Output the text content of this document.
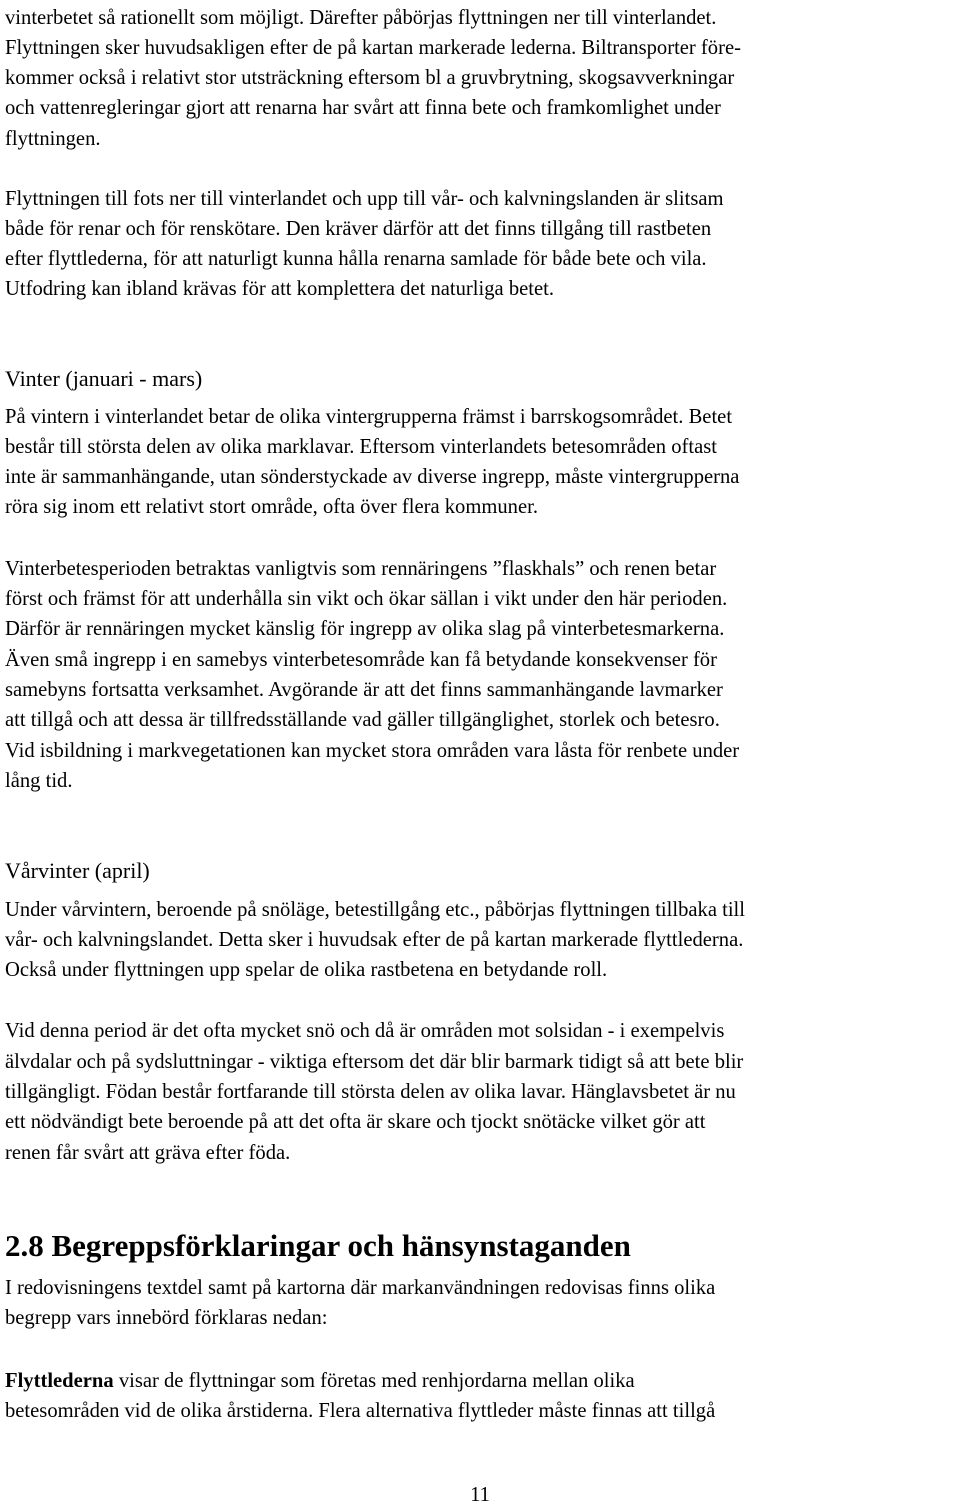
vinterbetet så rationellt som möjligt. Därefter påbörjas flyttningen ner till vinterlandet.
Flyttningen sker huvudsakligen efter de på kartan markerade lederna. Biltransporter före-
kommer också i relativt stor utsträckning eftersom bl a gruvbrytning, skogsavverkningar
och vattenregleringar gjort att renarna har svårt att finna bete och framkomlighet under
flyttningen.
Flyttningen till fots ner till vinterlandet och upp till vår- och kalvningslanden är slitsam
både för renar och för renskötare. Den kräver därför att det finns tillgång till rastbeten
efter flyttlederna, för att naturligt kunna hålla renarna samlade för både bete och vila.
Utfodring kan ibland krävas för att komplettera det naturliga betet.
Vinter (januari - mars)
På vintern i vinterlandet betar de olika vintergrupperna främst i barrskogsområdet. Betet
består till största delen av olika marklavar. Eftersom vinterlandets betesområden oftast
inte är sammanhängande, utan sönderstyckade av diverse ingrepp, måste vintergrupperna
röra sig inom ett relativt stort område, ofta över flera kommuner.
Vinterbetesperioden betraktas vanligtvis som rennäringens ”flaskhals” och renen betar
först och främst för att underhålla sin vikt och ökar sällan i vikt under den här perioden.
Därför är rennäringen mycket känslig för ingrepp av olika slag på vinterbetesmarkerna.
Även små ingrepp i en samebys vinterbetesområde kan få betydande konsekvenser för
samebyns fortsatta verksamhet. Avgörande är att det finns sammanhängande lavmarker
att tillgå och att dessa är tillfredsställande vad gäller tillgänglighet, storlek och betesro.
Vid isbildning i markvegetationen kan mycket stora områden vara låsta för renbete under
lång tid.
Vårvinter (april)
Under vårvintern, beroende på snöläge, betestillgång etc., påbörjas flyttningen tillbaka till
vår- och kalvningslandet. Detta sker i huvudsak efter de på kartan markerade flyttlederna.
Också under flyttningen upp spelar de olika rastbetena en betydande roll.
Vid denna period är det ofta mycket snö och då är områden mot solsidan - i exempelvis
älvdalar och på sydsluttningar - viktiga eftersom det där blir barmark tidigt så att bete blir
tillgängligt. Födan består fortfarande till största delen av olika lavar. Hänglavsbetet är nu
ett nödvändigt bete beroende på att det ofta är skare och tjockt snötäcke vilket gör att
renen får svårt att gräva efter föda.
2.8 Begreppsförklaringar och hänsynstaganden
I redovisningens textdel samt på kartorna där markanvändningen redovisas finns olika
begrepp vars innebörd förklaras nedan:
Flyttlederna visar de flyttningar som företas med renhjordarna mellan olika
betesområden vid de olika årstiderna. Flera alternativa flyttleder måste finnas att tillgå
11
